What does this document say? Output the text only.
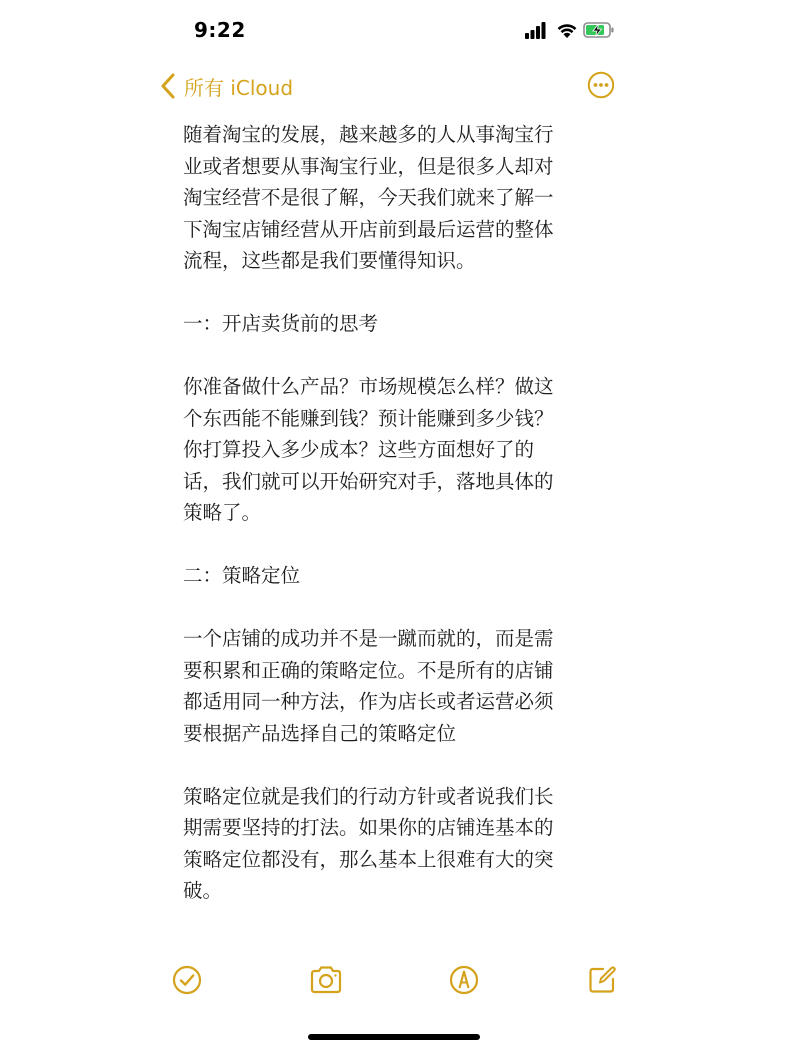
9:22
所有 iCloud

随着淘宝的发展，越来越多的人从事淘宝行

业或者想要从事淘宝行业，但是很多人却对

淘宝经营不是很了解，今天我们就来了解一

下淘宝店铺经营从开店前到最后运营的整体

流程，这些都是我们要懂得知识。

一：开店卖货前的思考

你准备做什么产品？市场规模怎么样？做这

个东西能不能赚到钱？预计能赚到多少钱？

你打算投入多少成本？这些方面想好了的

话，我们就可以开始研究对手，落地具体的

策略了。

二：策略定位

一个店铺的成功并不是一蹴而就的，而是需

要积累和正确的策略定位。不是所有的店铺

都适用同一种方法，作为店长或者运营必须

要根据产品选择自己的策略定位

策略定位就是我们的行动方针或者说我们长

期需要坚持的打法。如果你的店铺连基本的

策略定位都没有，那么基本上很难有大的突

破。
